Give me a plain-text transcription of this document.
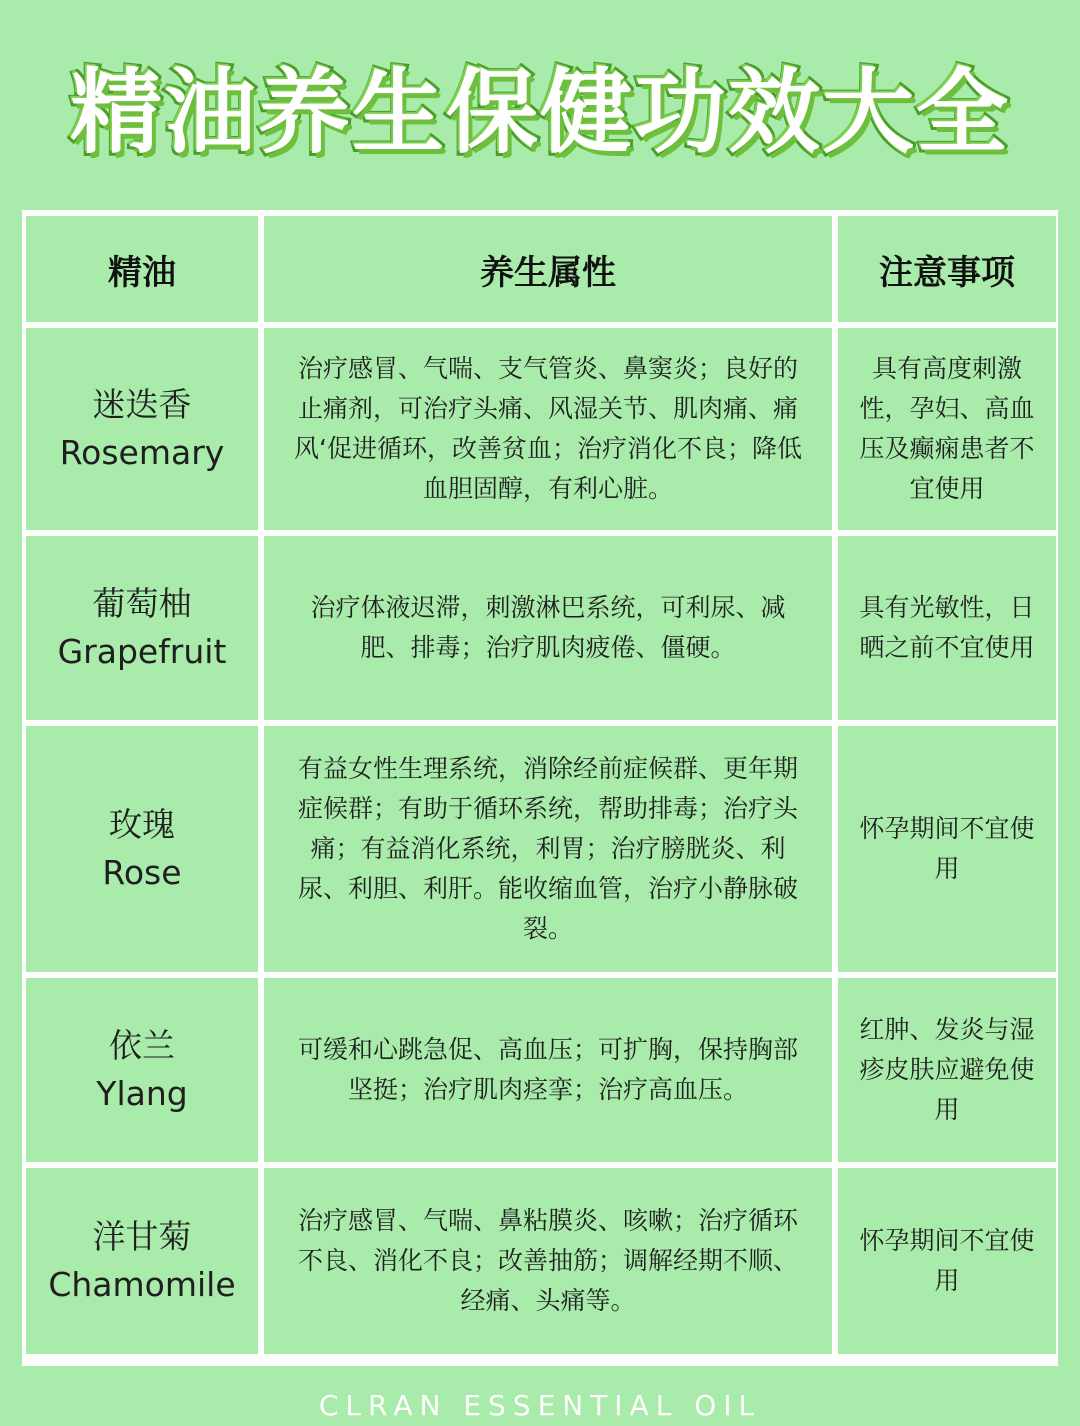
精油养生保健功效大全
精油	养生属性	注意事项
迷迭香
Rosemary
治疗感冒、气喘、支气管炎、鼻窦炎；良好的止痛剂，可治疗头痛、风湿关节、肌肉痛、痛风‘促进循环，改善贫血；治疗消化不良；降低血胆固醇，有利心脏。
具有高度刺激性，孕妇、高血压及癫痫患者不宜使用
葡萄柚
Grapefruit
治疗体液迟滞，刺激淋巴系统，可利尿、减肥、排毒；治疗肌肉疲倦、僵硬。
具有光敏性，日晒之前不宜使用
玫瑰
Rose
有益女性生理系统，消除经前症候群、更年期症候群；有助于循环系统，帮助排毒；治疗头痛；有益消化系统，利胃；治疗膀胱炎、利尿、利胆、利肝。能收缩血管，治疗小静脉破裂。
怀孕期间不宜使用
依兰
Ylang
可缓和心跳急促、高血压；可扩胸，保持胸部坚挺；治疗肌肉痉挛；治疗高血压。
红肿、发炎与湿疹皮肤应避免使用
洋甘菊
Chamomile
治疗感冒、气喘、鼻粘膜炎、咳嗽；治疗循环不良、消化不良；改善抽筋；调解经期不顺、经痛、头痛等。
怀孕期间不宜使用
CLRAN ESSENTIAL OIL
